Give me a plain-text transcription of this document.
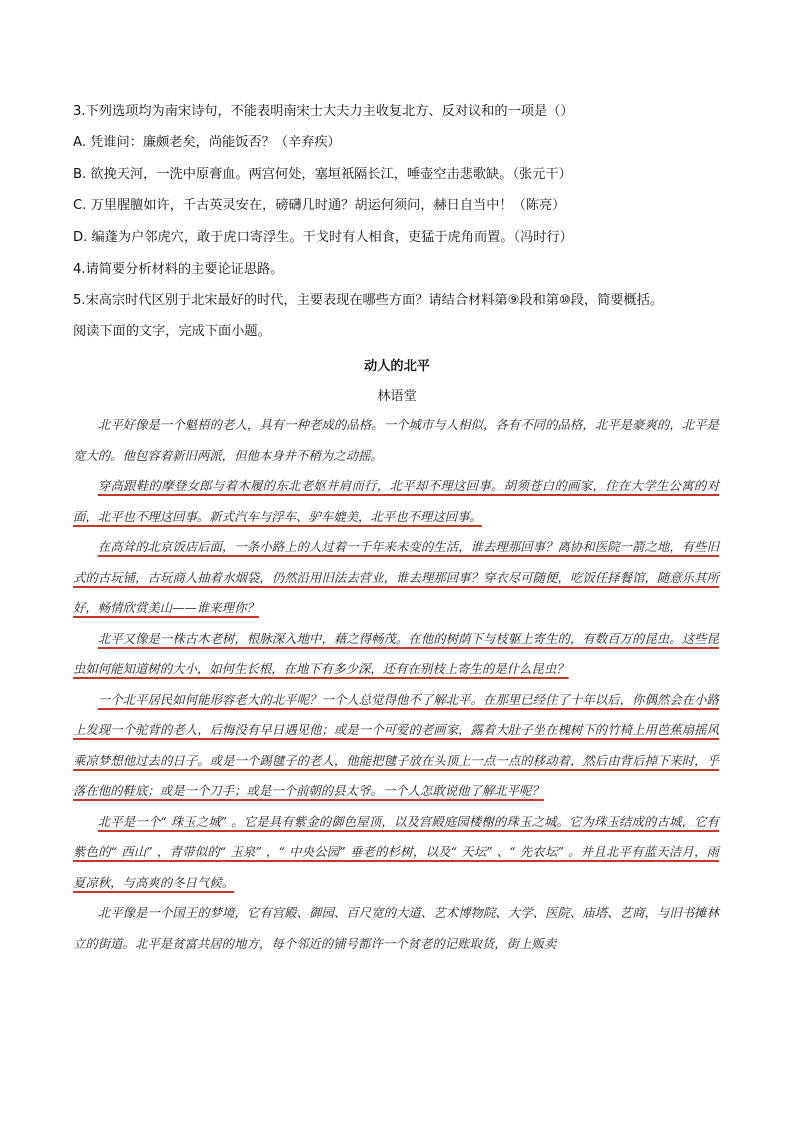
3.下列选项均为南宋诗句，不能表明南宋士大夫力主收复北方、反对议和的一项是（）
A. 凭谁问：廉颇老矣，尚能饭否？（辛弃疾）
B. 欲挽天河，一洗中原膏血。两宫何处，塞垣祇隔长江，唾壶空击悲歌缺。（张元干）
C. 万里腥膻如许，千古英灵安在，磅礴几时通？胡运何须问，赫日自当中！（陈亮）
D. 编蓬为户邻虎穴，敢于虎口寄浮生。干戈时有人相食，吏猛于虎角而置。（冯时行）
4.请简要分析材料的主要论证思路。
5.宋高宗时代区别于北宋最好的时代，主要表现在哪些方面？请结合材料第⑨段和第⑩段，简要概括。
阅读下面的文字，完成下面小题。
动人的北平
林语堂

北平好像是一个魁梧的老人，具有一种老成的品格。一个城市与人相似，各有不同的品格，北平是豪爽的，北平是宽大的。他包容着新旧两派，但他本身并不稍为之动摇。

穿高跟鞋的摩登女郎与着木履的东北老妪并肩而行，北平却不理这回事。胡须苍白的画家，住在大学生公寓的对面，北平也不理这回事。新式汽车与浮车、驴车媲美，北平也不理这回事。

在高耸的北京饭店后面，一条小路上的人过着一千年来未变的生活，谁去理那回事？离协和医院一箭之地，有些旧式的古玩铺，古玩商人抽着水烟袋，仍然沿用旧法去营业，谁去理那回事？穿衣尽可随便，吃饭任择餐馆，随意乐其所好，畅情欣赏美山——谁来理你？

北平又像是一株古木老树，根脉深入地中，藉之得畅茂。在他的树荫下与枝躯上寄生的，有数百万的昆虫。这些昆虫如何能知道树的大小，如何生长根，在地下有多少深，还有在别枝上寄生的是什么昆虫？

一个北平居民如何能形容老大的北平呢？一个人总觉得他不了解北平。在那里已经住了十年以后，你偶然会在小路上发现一个驼背的老人，后悔没有早日遇见他；或是一个可爱的老画家，露着大肚子坐在槐树下的竹椅上用芭蕉扇摇风乘凉梦想他过去的日子。或是一个踢毽子的老人，他能把毽子放在头顶上一点一点的移动着，然后由背后掉下来时，乎落在他的鞋底；或是一个刀手；或是一个前朝的县太爷。一个人怎敢说他了解北平呢？

北平是一个“ 珠玉之城” 。它是具有紫金的御色屋顶，以及宫殿庭园楼榭的珠玉之城。它为珠玉结成的古城，它有紫色的“ 西山” ，青带似的“ 玉泉” ，“ 中央公园” 垂老的杉树，以及“ 天坛” 、“ 先农坛” 。并且北平有蓝天洁月，雨夏凉秋，与高爽的冬日气候。

北平像是一个国王的梦境，它有宫殿、御园、百尺宽的大道、艺术博物院、大学、医院、庙塔、艺商，与旧书摊林立的街道。北平是贫富共居的地方，每个邻近的铺号都许一个贫老的记账取货，街上贩卖
